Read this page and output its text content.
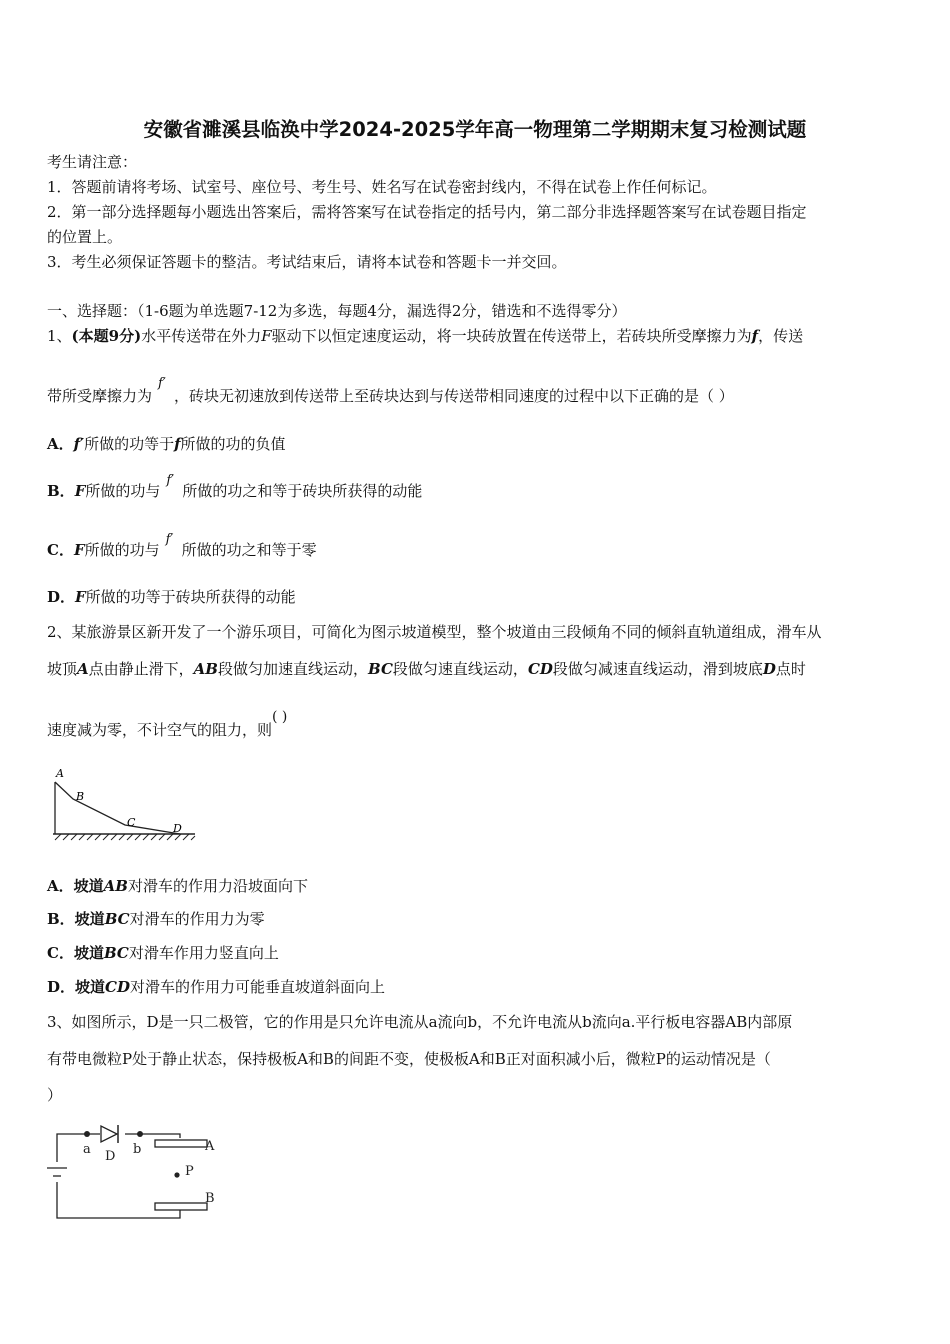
安徽省濉溪县临涣中学2024-2025学年高一物理第二学期期末复习检测试题
考生请注意：
1．答题前请将考场、试室号、座位号、考生号、姓名写在试卷密封线内，不得在试卷上作任何标记。
2．第一部分选择题每小题选出答案后，需将答案写在试卷指定的括号内，第二部分非选择题答案写在试卷题目指定
的位置上。
3．考生必须保证答题卡的整洁。考试结束后，请将本试卷和答题卡一并交回。
一、选择题：（1-6题为单选题7-12为多选，每题4分，漏选得2分，错选和不选得零分）
1、(本题9分)水平传送带在外力F驱动下以恒定速度运动，将一块砖放置在传送带上，若砖块所受摩擦力为f，传送
带所受摩擦力为
f′
，砖块无初速放到传送带上至砖块达到与传送带相同速度的过程中以下正确的是（ ）
A．f′所做的功等于f所做的功的负值
B．F所做的功与
f′
所做的功之和等于砖块所获得的动能
C．F所做的功与
f′
所做的功之和等于零
D．F所做的功等于砖块所获得的动能
2、某旅游景区新开发了一个游乐项目，可简化为图示坡道模型，整个坡道由三段倾角不同的倾斜直轨道组成，滑车从
坡顶A点由静止滑下，AB段做匀加速直线运动，BC段做匀速直线运动，CD段做匀减速直线运动，滑到坡底D点时
速度减为零，不计空气的阻力，则( )
A
B
C	D
A．坡道AB对滑车的作用力沿坡面向下
B．坡道BC对滑车的作用力为零
C．坡道BC对滑车作用力竖直向上
D．坡道CD对滑车的作用力可能垂直坡道斜面向上
3、如图所示，D是一只二极管，它的作用是只允许电流从a流向b，不允许电流从b流向a.平行板电容器AB内部原
有带电微粒P处于静止状态，保持极板A和B的间距不变，使极板A和B正对面积减小后，微粒P的运动情况是（
）
a D b	A
P
B
